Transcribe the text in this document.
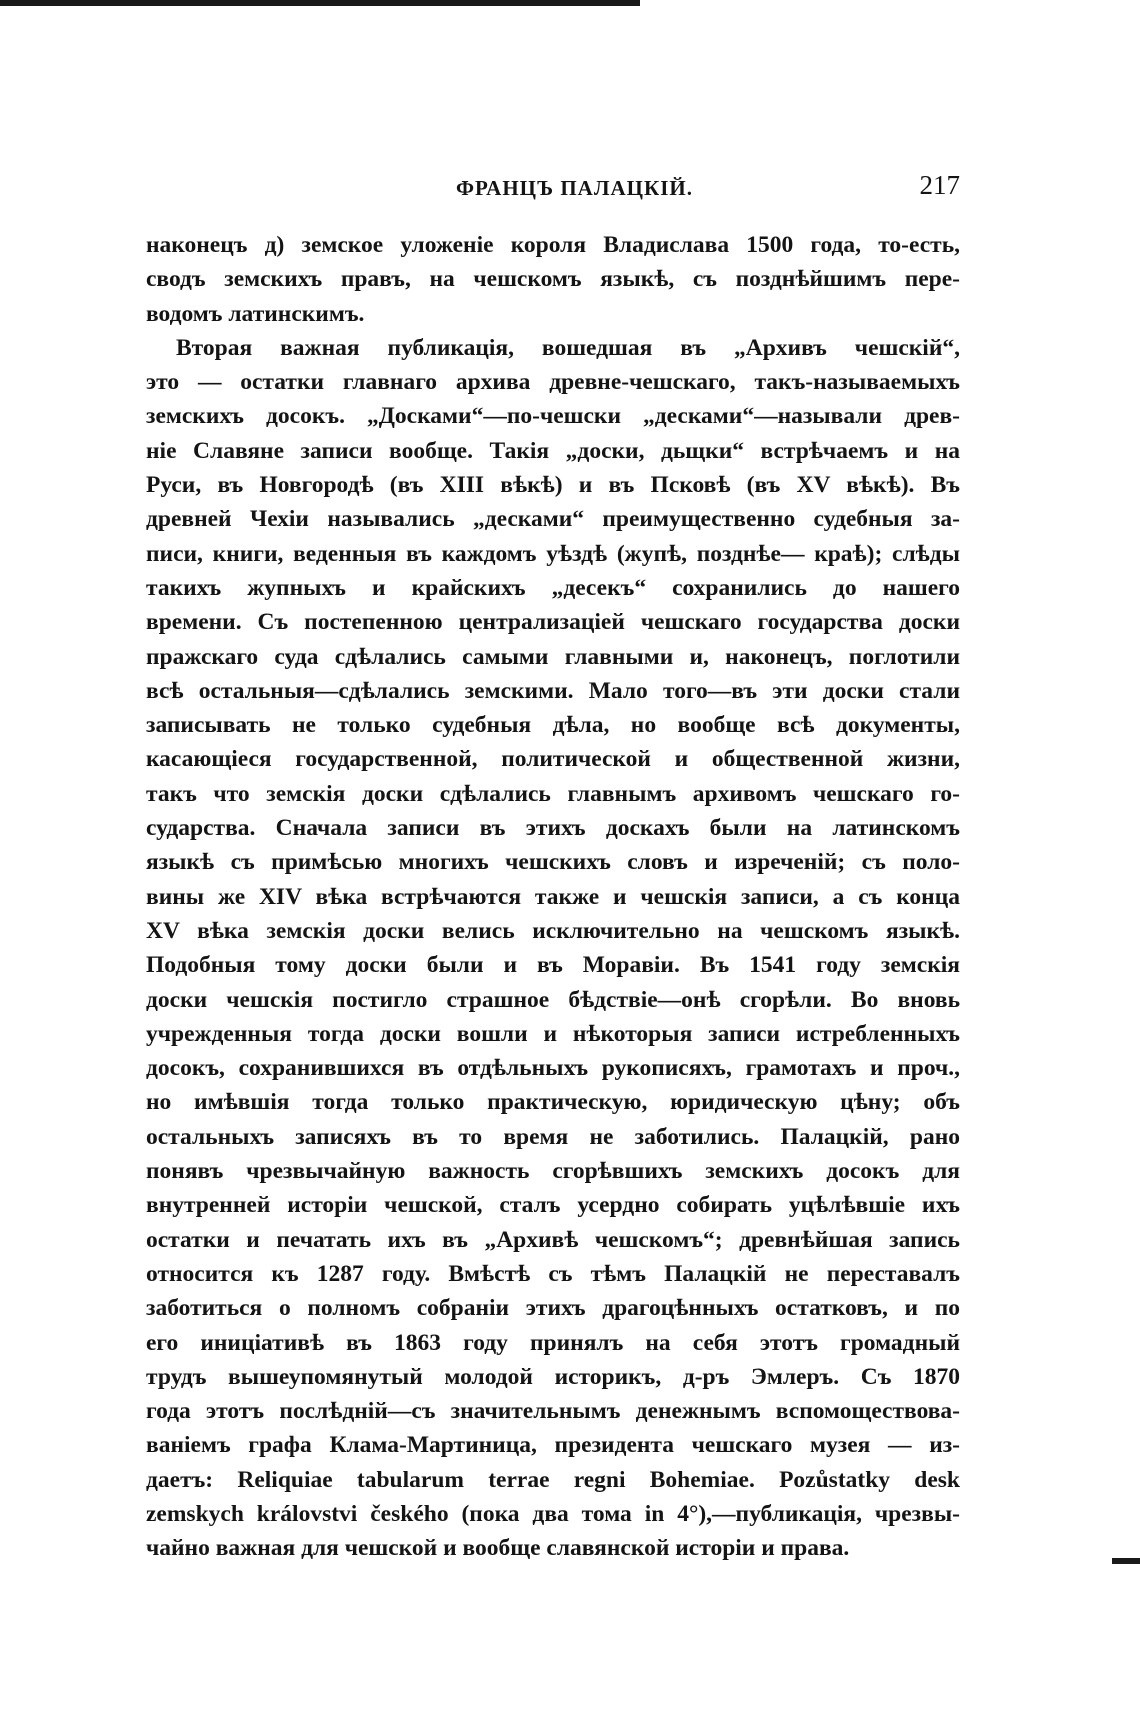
ФРАНЦЪ ПАЛАЦКІЙ.	217
наконецъ д) земское уложеніе короля Владислава 1500 года, то-есть,
сводъ земскихъ правъ, на чешскомъ языкѣ, съ позднѣйшимъ пере-
водомъ латинскимъ.
Вторая важная публикація, вошедшая въ „Архивъ чешскій“,
это — остатки главнаго архива древне-чешскаго, такъ-называемыхъ
земскихъ досокъ. „Досками“—по-чешски „десками“—называли древ-
ніе Славяне записи вообще. Такія „доски, дьщки“ встрѣчаемъ и на
Руси, въ Новгородѣ (въ XIII вѣкѣ) и въ Псковѣ (въ XV вѣкѣ). Въ
древней Чехіи назывались „десками“ преимущественно судебныя за-
писи, книги, веденныя въ каждомъ уѣздѣ (жупѣ, позднѣе— краѣ); слѣды
такихъ жупныхъ и крайскихъ „десекъ“ сохранились до нашего
времени. Съ постепенною централизаціей чешскаго государства доски
пражскаго суда сдѣлались самыми главными и, наконецъ, поглотили
всѣ остальныя—сдѣлались земскими. Мало того—въ эти доски стали
записывать не только судебныя дѣла, но вообще всѣ документы,
касающіеся государственной, политической и общественной жизни,
такъ что земскія доски сдѣлались главнымъ архивомъ чешскаго го-
сударства. Сначала записи въ этихъ доскахъ были на латинскомъ
языкѣ съ примѣсью многихъ чешскихъ словъ и изреченій; съ поло-
вины же XIV вѣка встрѣчаются также и чешскія записи, а съ конца
XV вѣка земскія доски велись исключительно на чешскомъ языкѣ.
Подобныя тому доски были и въ Моравіи. Въ 1541 году земскія
доски чешскія постигло страшное бѣдствіе—онѣ сгорѣли. Во вновь
учрежденныя тогда доски вошли и нѣкоторыя записи истребленныхъ
досокъ, сохранившихся въ отдѣльныхъ рукописяхъ, грамотахъ и проч.,
но имѣвшія тогда только практическую, юридическую цѣну; объ
остальныхъ записяхъ въ то время не заботились. Палацкій, рано
понявъ чрезвычайную важность сгорѣвшихъ земскихъ досокъ для
внутренней исторіи чешской, сталъ усердно собирать уцѣлѣвшіе ихъ
остатки и печатать ихъ въ „Архивѣ чешскомъ“; древнѣйшая запись
относится къ 1287 году. Вмѣстѣ съ тѣмъ Палацкій не переставалъ
заботиться о полномъ собраніи этихъ драгоцѣнныхъ остатковъ, и по
его иниціативѣ въ 1863 году принялъ на себя этотъ громадный
трудъ вышеупомянутый молодой историкъ, д-ръ Эмлеръ. Съ 1870
года этотъ послѣдній—съ значительнымъ денежнымъ вспомоществова-
ваніемъ графа Клама-Мартиница, президента чешскаго музея — из-
даетъ: Reliquiae tabularum terrae regni Bohemiae. Pozůstatky desk
zemskych královstvi českého (пока два тома in 4°),—публикація, чрезвы-
чайно важная для чешской и вообще славянской исторіи и права.
